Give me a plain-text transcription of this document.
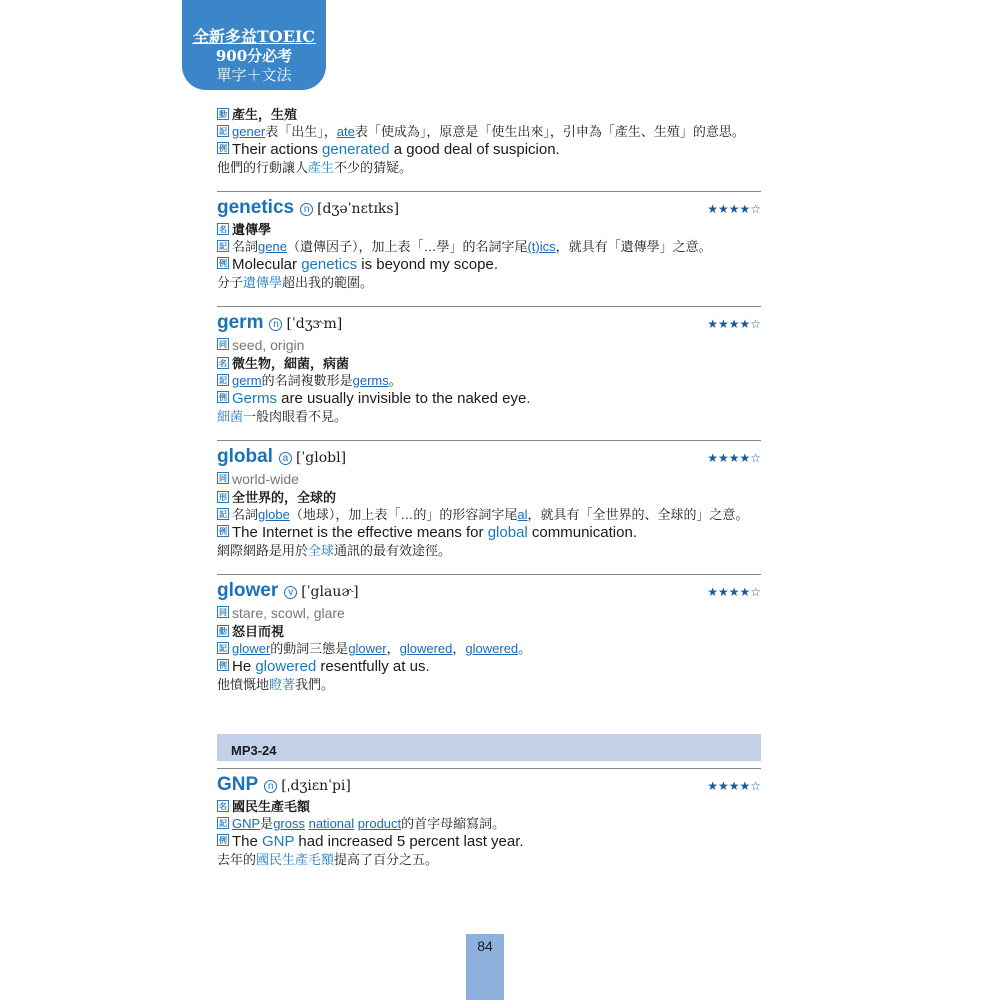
全新多益TOEIC
900分必考
單字＋文法

動 產生，生殖

記 gener表「出生」，ate表「使成為」，原意是「使生出來」，引申為「產生、生殖」的意思。

例 Their actions generated a good deal of suspicion.

他們的行動讓人產生不少的猜疑。
genetics n [dʒəˈnɛtɪks]	★★★★☆

名 遺傳學

記 名詞gene（遺傳因子），加上表「…學」的名詞字尾(t)ics，就具有「遺傳學」之意。

例 Molecular genetics is beyond my scope.

分子遺傳學超出我的範圍。
germ n [ˈdʒɝm]	★★★★☆

同 seed, origin

名 微生物，細菌，病菌

記 germ的名詞複數形是germs。

例 Germs are usually invisible to the naked eye.

細菌一般肉眼看不見。
global a [ˈglobl]	★★★★☆

同 world-wide

形 全世界的，全球的

記 名詞globe（地球），加上表「…的」的形容詞字尾al，就具有「全世界的、全球的」之意。

例 The Internet is the effective means for global communication.

網際網路是用於全球通訊的最有效途徑。
glower	v [ˈglauɚ]	★★★★☆

同 stare, scowl, glare

動 怒目而視

記 glower的動詞三態是glower，glowered，glowered。

例 He glowered resentfully at us.

他憤慨地瞪著我們。
MP3-24
GNP n [ˌdʒiɛnˈpi]	★★★★☆

名 國民生產毛額

記 GNP是gross national product的首字母縮寫詞。

例 The GNP had increased 5 percent last year.

去年的國民生產毛額提高了百分之五。
84
